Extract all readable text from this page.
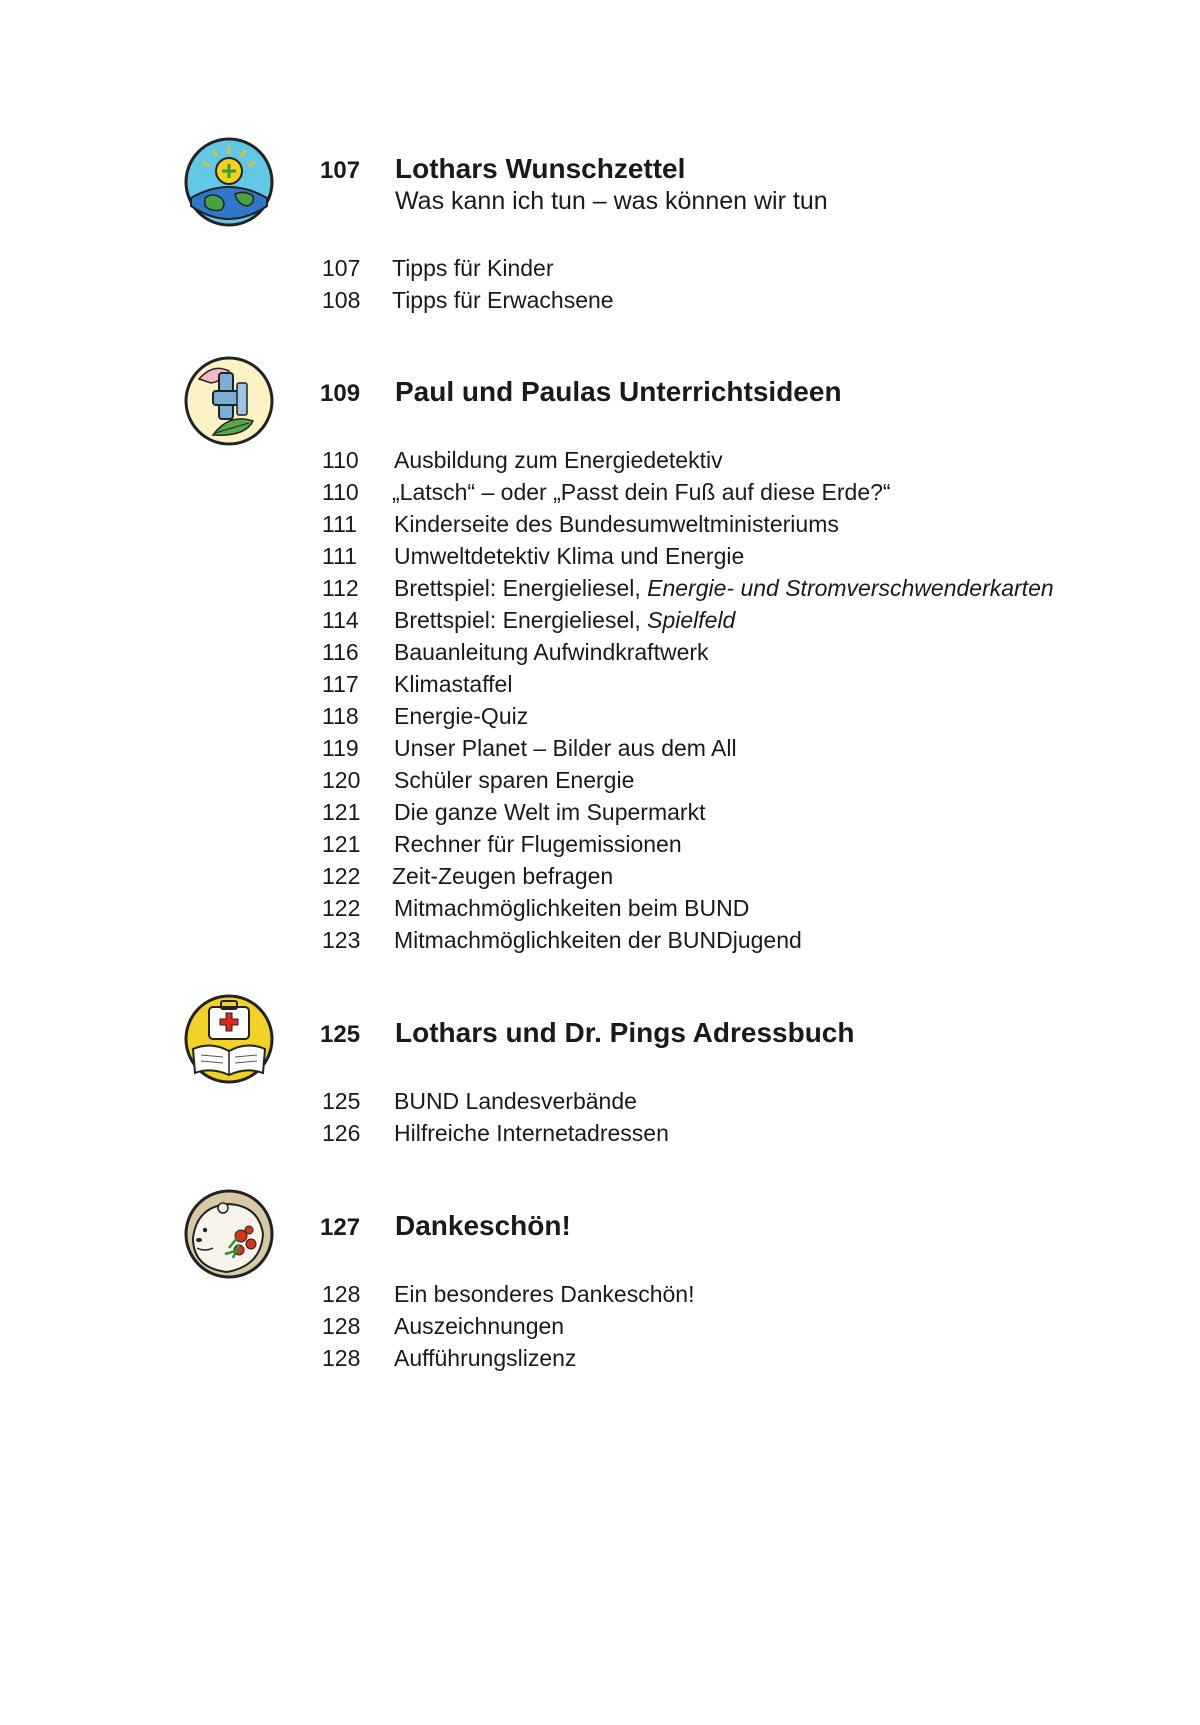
107	Lothars Wunschzettel
Was kann ich tun – was können wir tun
107	Tipps für Kinder
108	Tipps für Erwachsene
109	Paul und Paulas Unterrichtsideen
110	Ausbildung zum Energiedetektiv
110	„Latsch“ – oder „Passt dein Fuß auf diese Erde?“
111	Kinderseite des Bundesumweltministeriums
111	Umweltdetektiv Klima und Energie
112	Brettspiel: Energieliesel, Energie- und Stromverschwenderkarten
114	Brettspiel: Energieliesel, Spielfeld
116	Bauanleitung Aufwindkraftwerk
117	Klimastaffel
118	Energie-Quiz
119	Unser Planet – Bilder aus dem All
120	Schüler sparen Energie
121	Die ganze Welt im Supermarkt
121	Rechner für Flugemissionen
122	Zeit-Zeugen befragen
122	Mitmachmöglichkeiten beim BUND
123	Mitmachmöglichkeiten der BUNDjugend
125	Lothars und Dr. Pings Adressbuch
125	BUND Landesverbände
126	Hilfreiche Internetadressen
127	Dankeschön!
128	Ein besonderes Dankeschön!
128	Auszeichnungen
128	Aufführungslizenz
